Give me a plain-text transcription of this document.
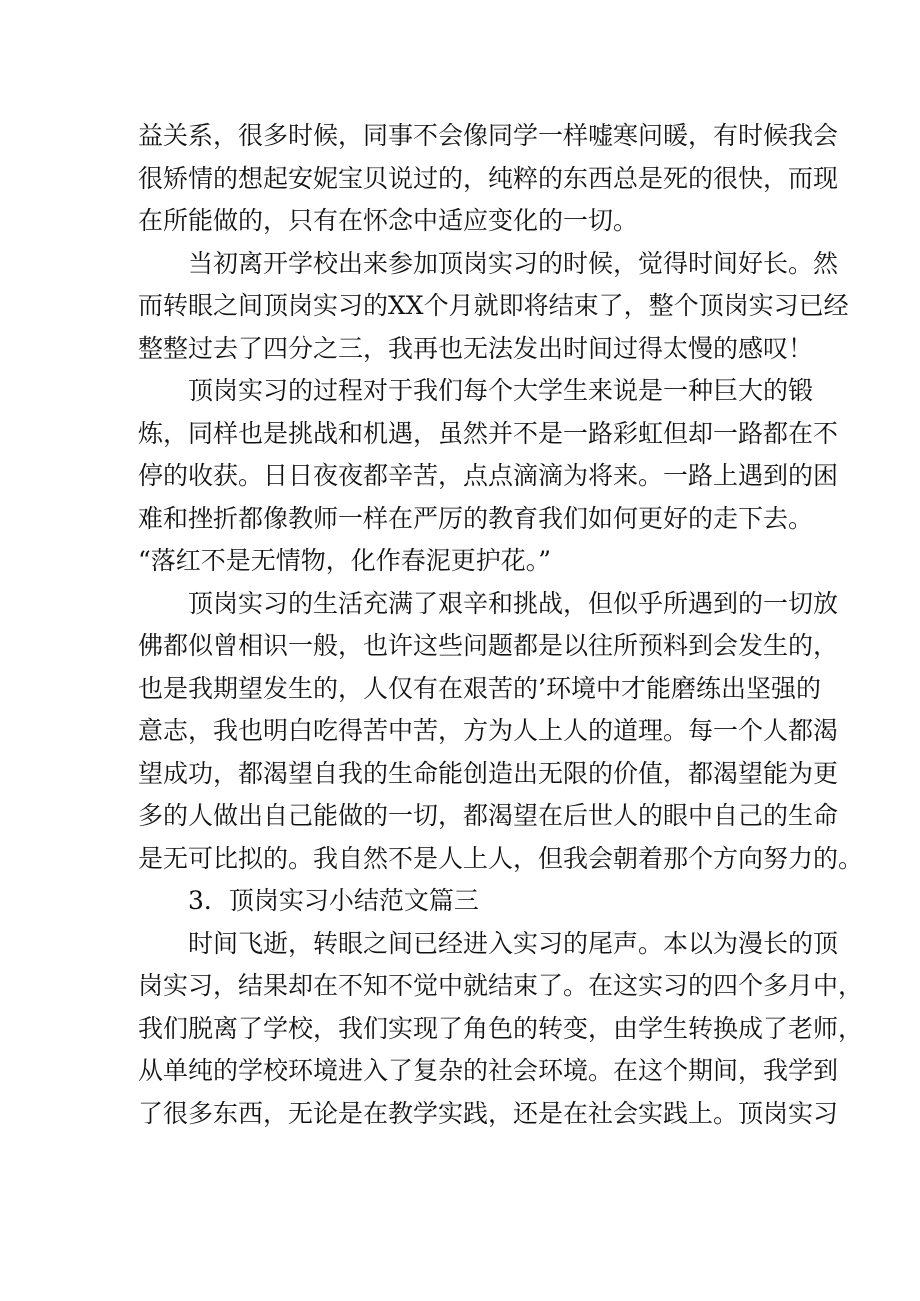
益关系，很多时候，同事不会像同学一样嘘寒问暖，有时候我会
很矫情的想起安妮宝贝说过的，纯粹的东西总是死的很快，而现
在所能做的，只有在怀念中适应变化的一切。
当初离开学校出来参加顶岗实习的时候，觉得时间好长。然
而转眼之间顶岗实习的XX个月就即将结束了，整个顶岗实习已经
整整过去了四分之三，我再也无法发出时间过得太慢的感叹！
顶岗实习的过程对于我们每个大学生来说是一种巨大的锻
炼，同样也是挑战和机遇，虽然并不是一路彩虹但却一路都在不
停的收获。日日夜夜都辛苦，点点滴滴为将来。一路上遇到的困
难和挫折都像教师一样在严厉的教育我们如何更好的走下去。
“落红不是无情物，化作春泥更护花。”
顶岗实习的生活充满了艰辛和挑战，但似乎所遇到的一切放
佛都似曾相识一般，也许这些问题都是以往所预料到会发生的，
也是我期望发生的，人仅有在艰苦的’环境中才能磨练出坚强的
意志，我也明白吃得苦中苦，方为人上人的道理。每一个人都渴
望成功，都渴望自我的生命能创造出无限的价值，都渴望能为更
多的人做出自己能做的一切，都渴望在后世人的眼中自己的生命
是无可比拟的。我自然不是人上人，但我会朝着那个方向努力的。
3．顶岗实习小结范文篇三
时间飞逝，转眼之间已经进入实习的尾声。本以为漫长的顶
岗实习，结果却在不知不觉中就结束了。在这实习的四个多月中，
我们脱离了学校，我们实现了角色的转变，由学生转换成了老师，
从单纯的学校环境进入了复杂的社会环境。在这个期间，我学到
了很多东西，无论是在教学实践，还是在社会实践上。顶岗实习
